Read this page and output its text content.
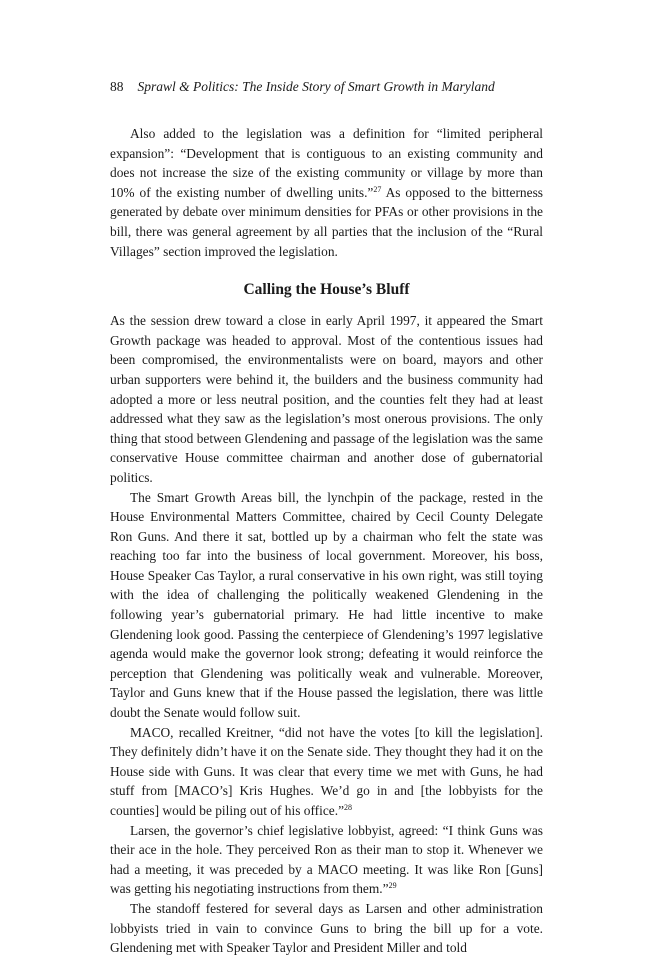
88 Sprawl & Politics: The Inside Story of Smart Growth in Maryland

Also added to the legislation was a definition for “limited peripheral expansion”: “Development that is contiguous to an existing community and does not increase the size of the existing community or village by more than 10% of the existing number of dwelling units.”$^{27}$ As opposed to the bitterness generated by debate over minimum densities for PFAs or other provisions in the bill, there was general agreement by all parties that the inclusion of the “Rural Villages” section improved the legislation.

Calling the House’s Bluff

As the session drew toward a close in early April 1997, it appeared the Smart Growth package was headed to approval. Most of the contentious issues had been compromised, the environmentalists were on board, mayors and other urban supporters were behind it, the builders and the business community had adopted a more or less neutral position, and the counties felt they had at least addressed what they saw as the legislation’s most onerous provisions. The only thing that stood between Glendening and passage of the legislation was the same conservative House committee chairman and another dose of gubernatorial politics.

The Smart Growth Areas bill, the lynchpin of the package, rested in the House Environmental Matters Committee, chaired by Cecil County Delegate Ron Guns. And there it sat, bottled up by a chairman who felt the state was reaching too far into the business of local government. Moreover, his boss, House Speaker Cas Taylor, a rural conservative in his own right, was still toying with the idea of challenging the politically weakened Glendening in the following year’s gubernatorial primary. He had little incentive to make Glendening look good. Passing the centerpiece of Glendening’s 1997 legislative agenda would make the governor look strong; defeating it would reinforce the perception that Glendening was politically weak and vulnerable. Moreover, Taylor and Guns knew that if the House passed the legislation, there was little doubt the Senate would follow suit.

MACO, recalled Kreitner, “did not have the votes [to kill the legislation]. They definitely didn’t have it on the Senate side. They thought they had it on the House side with Guns. It was clear that every time we met with Guns, he had stuff from [MACO’s] Kris Hughes. We’d go in and [the lobbyists for the counties] would be piling out of his office.”$^{28}$

Larsen, the governor’s chief legislative lobbyist, agreed: “I think Guns was their ace in the hole. They perceived Ron as their man to stop it. Whenever we had a meeting, it was preceded by a MACO meeting. It was like Ron [Guns] was getting his negotiating instructions from them.”$^{29}$

The standoff festered for several days as Larsen and other administration lobbyists tried in vain to convince Guns to bring the bill up for a vote. Glendening met with Speaker Taylor and President Miller and told
